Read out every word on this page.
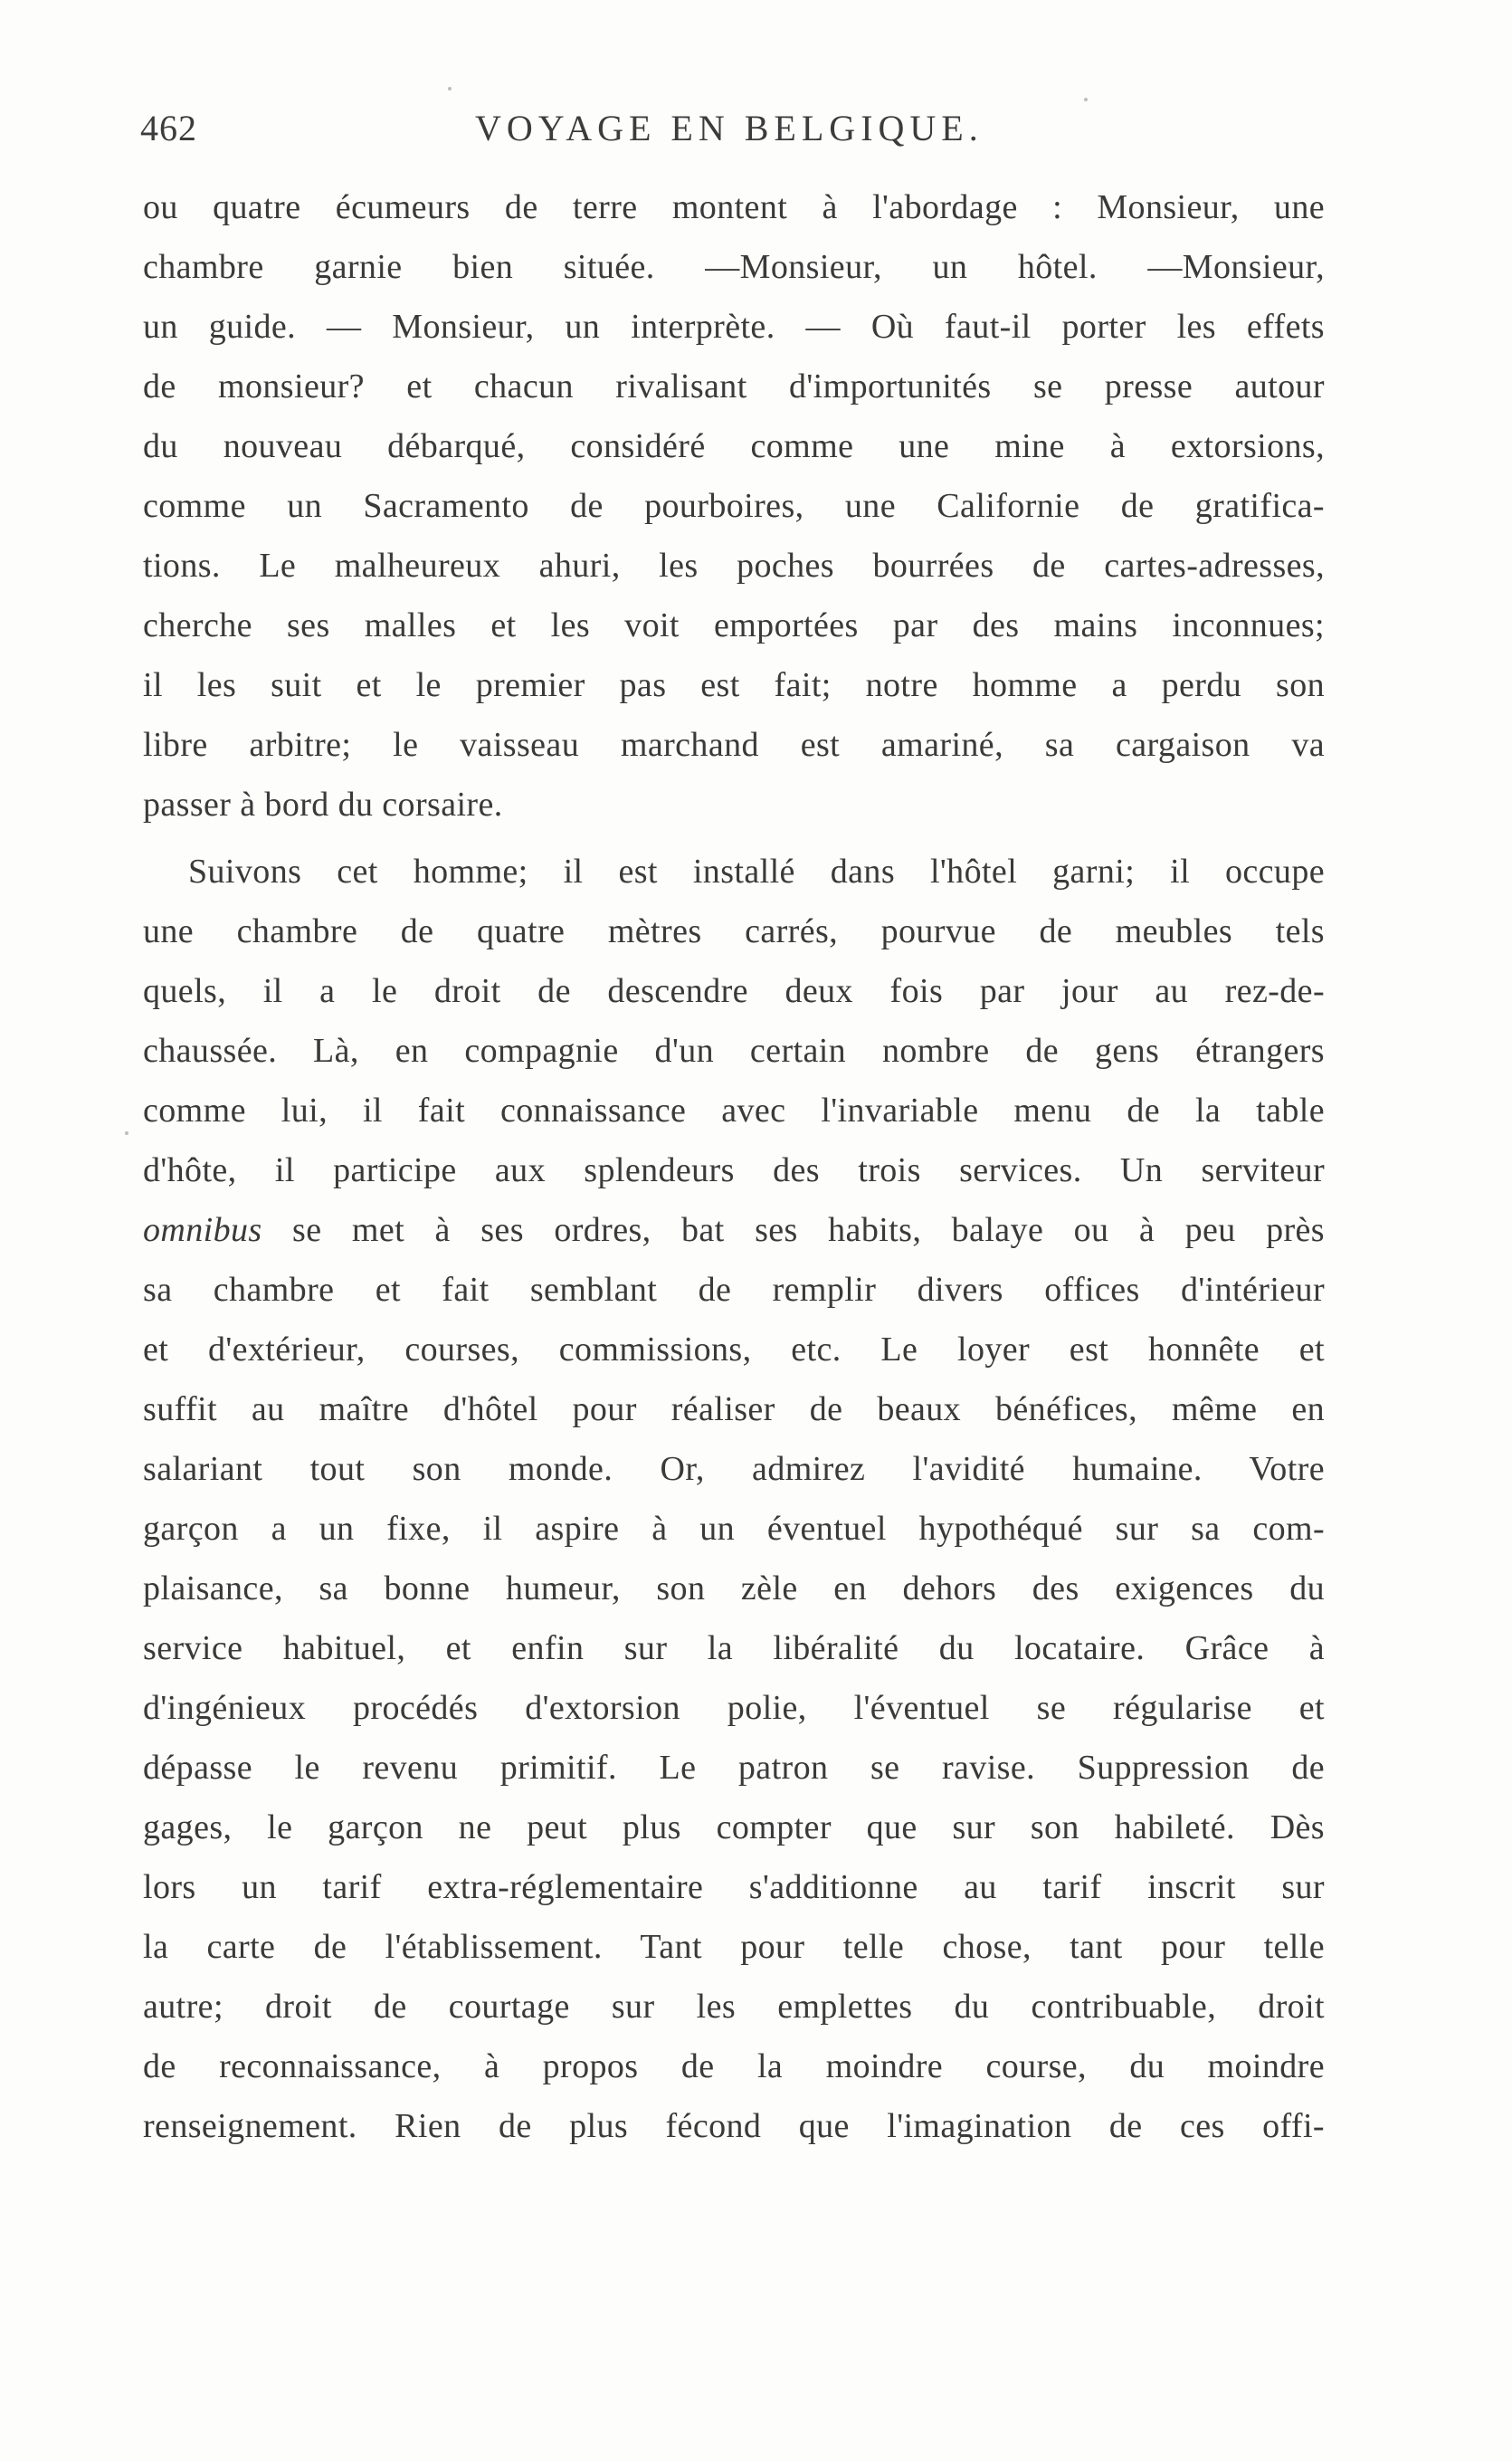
462	VOYAGE EN BELGIQUE.
ou quatre écumeurs de terre montent à l'abordage : Monsieur, une
chambre garnie bien située. —Monsieur, un hôtel. —Monsieur,
un guide. — Monsieur, un interprète. — Où faut-il porter les effets
de monsieur? et chacun rivalisant d'importunités se presse autour
du nouveau débarqué, considéré comme une mine à extorsions,
comme un Sacramento de pourboires, une Californie de gratifica-
tions. Le malheureux ahuri, les poches bourrées de cartes-adresses,
cherche ses malles et les voit emportées par des mains inconnues;
il les suit et le premier pas est fait; notre homme a perdu son
libre arbitre; le vaisseau marchand est amariné, sa cargaison va
passer à bord du corsaire.
Suivons cet homme; il est installé dans l'hôtel garni; il occupe
une chambre de quatre mètres carrés, pourvue de meubles tels
quels, il a le droit de descendre deux fois par jour au rez-de-
chaussée. Là, en compagnie d'un certain nombre de gens étrangers
comme lui, il fait connaissance avec l'invariable menu de la table
d'hôte, il participe aux splendeurs des trois services. Un serviteur
omnibus se met à ses ordres, bat ses habits, balaye ou à peu près
sa chambre et fait semblant de remplir divers offices d'intérieur
et d'extérieur, courses, commissions, etc. Le loyer est honnête et
suffit au maître d'hôtel pour réaliser de beaux bénéfices, même en
salariant tout son monde. Or, admirez l'avidité humaine. Votre
garçon a un fixe, il aspire à un éventuel hypothéqué sur sa com-
plaisance, sa bonne humeur, son zèle en dehors des exigences du
service habituel, et enfin sur la libéralité du locataire. Grâce à
d'ingénieux procédés d'extorsion polie, l'éventuel se régularise et
dépasse le revenu primitif. Le patron se ravise. Suppression de
gages, le garçon ne peut plus compter que sur son habileté. Dès
lors un tarif extra-réglementaire s'additionne au tarif inscrit sur
la carte de l'établissement. Tant pour telle chose, tant pour telle
autre; droit de courtage sur les emplettes du contribuable, droit
de reconnaissance, à propos de la moindre course, du moindre
renseignement. Rien de plus fécond que l'imagination de ces offi-
